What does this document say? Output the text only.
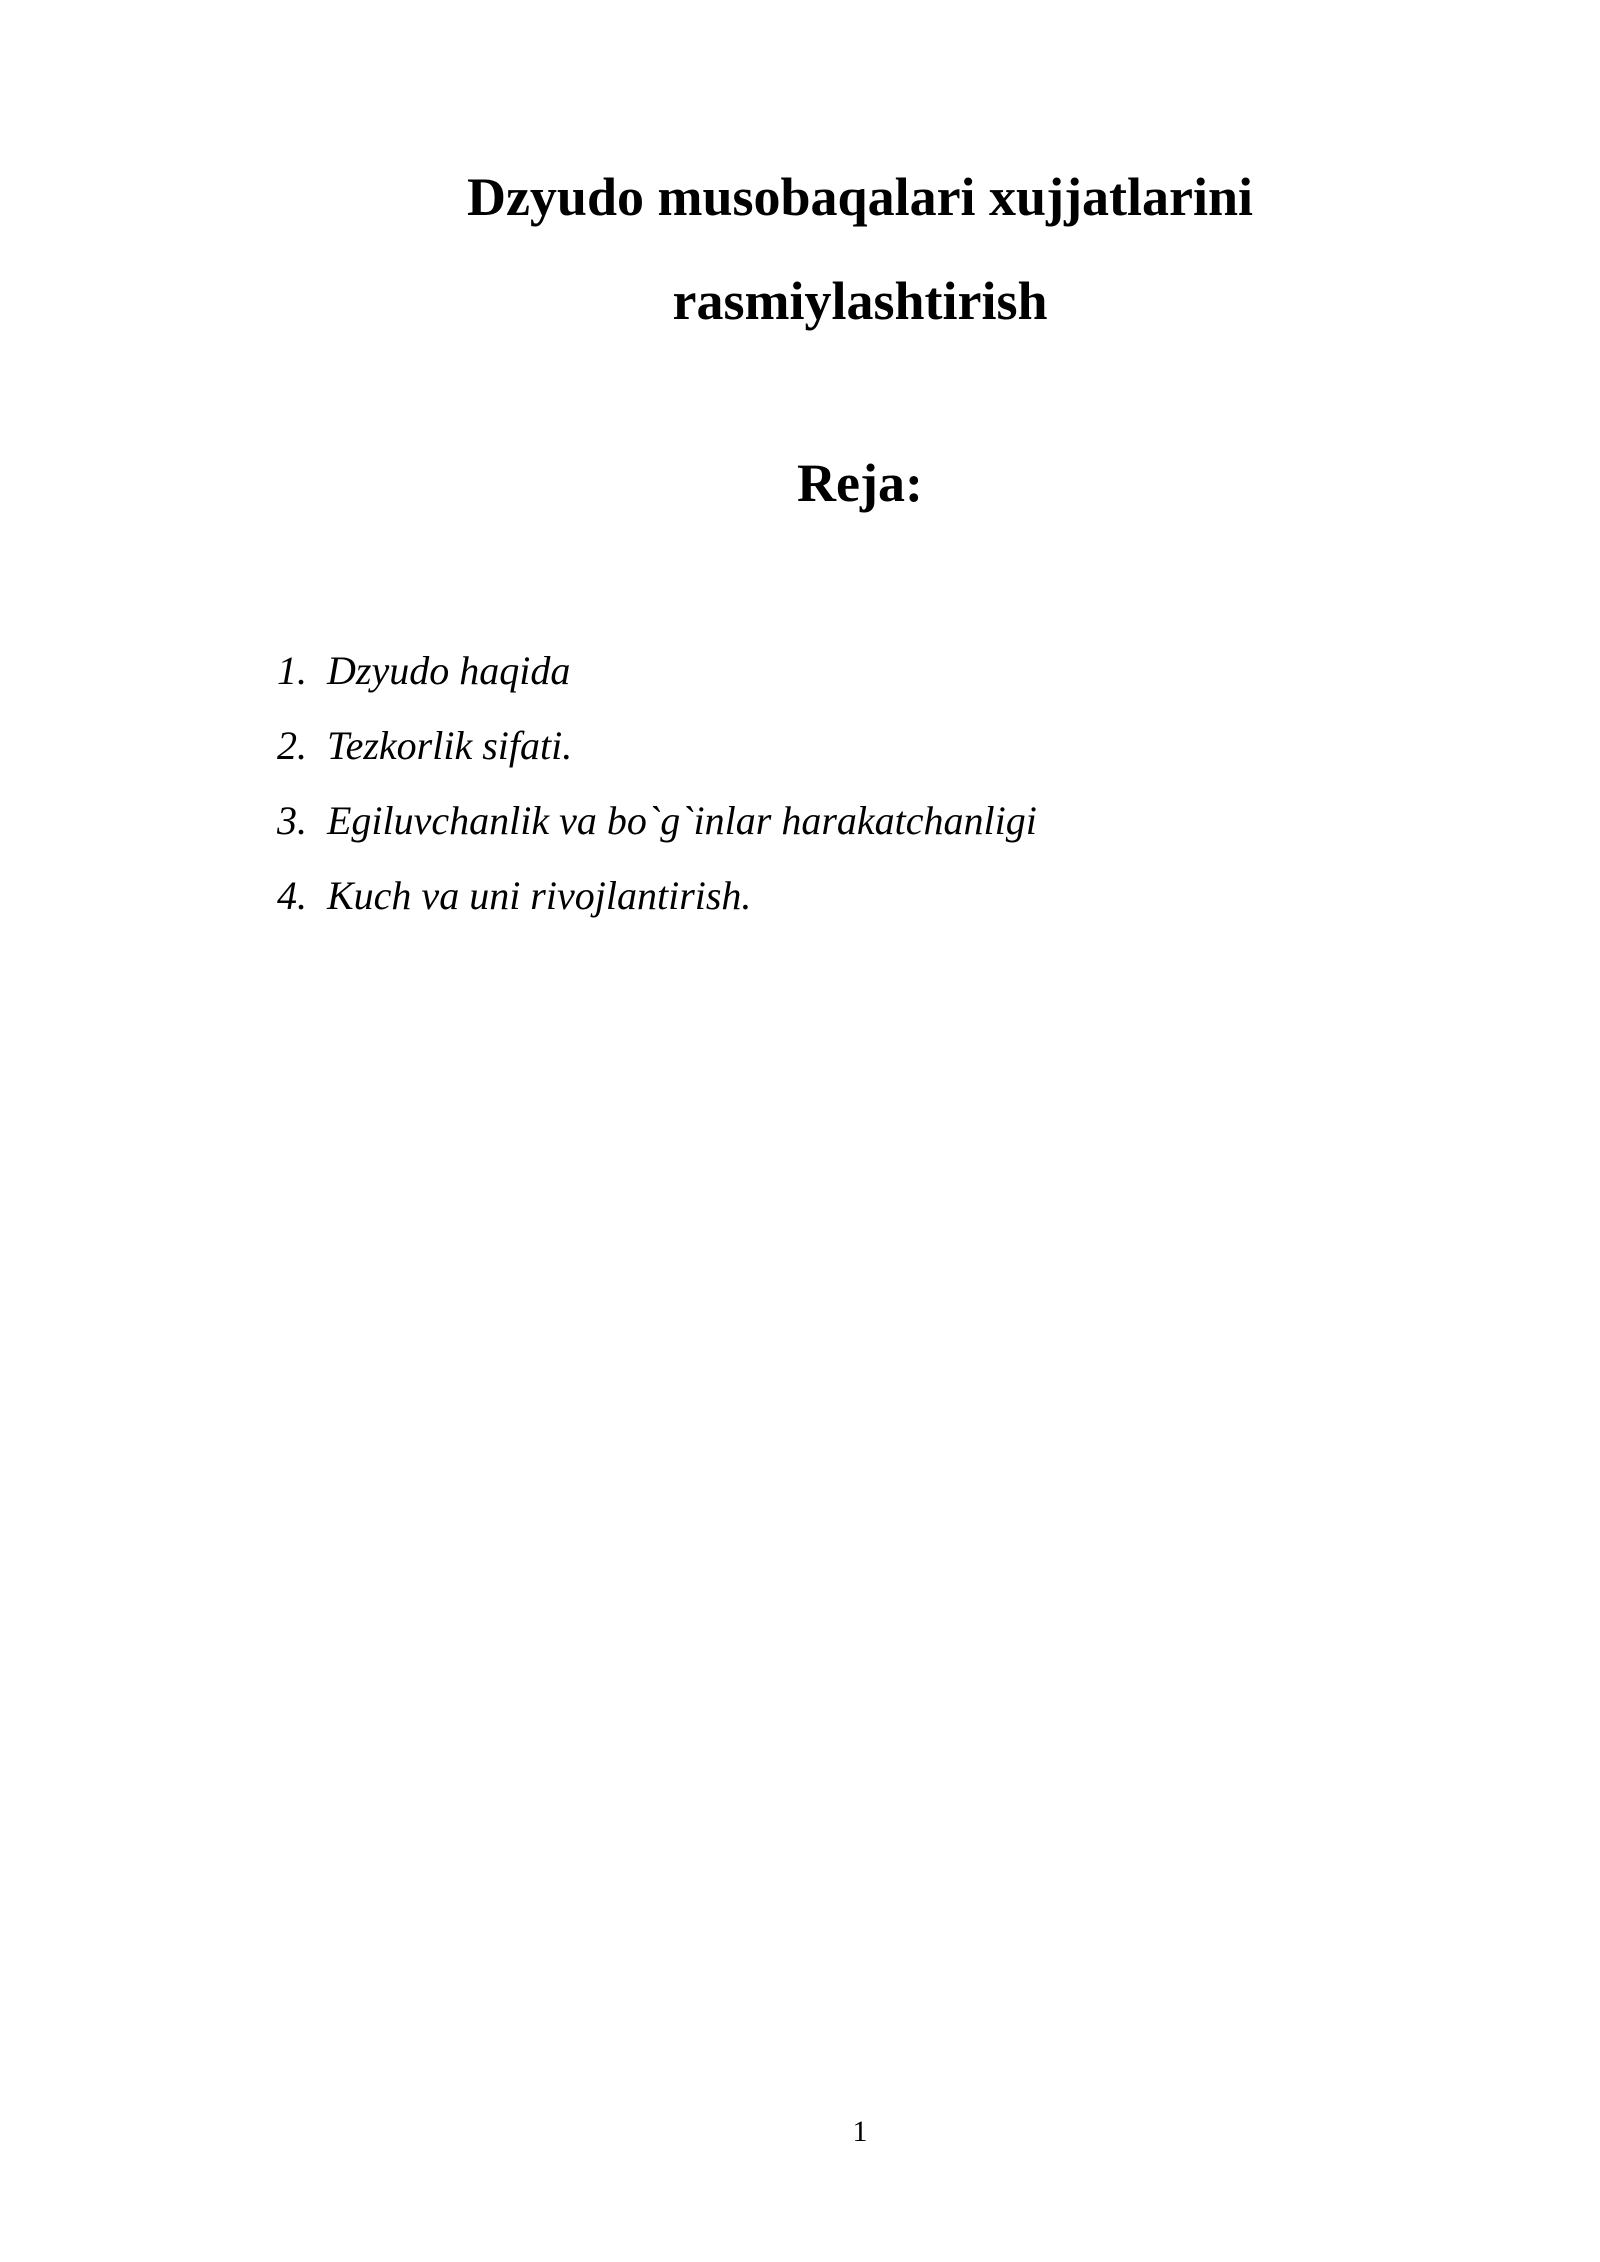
Dzyudo musobaqalari xujjatlarini
rasmiylashtirish
Reja:
1. Dzyudo haqida
2. Tezkorlik sifati.
3. Egiluvchanlik va bo`g`inlar harakatchanligi
4. Kuch va uni rivojlantirish.
1
